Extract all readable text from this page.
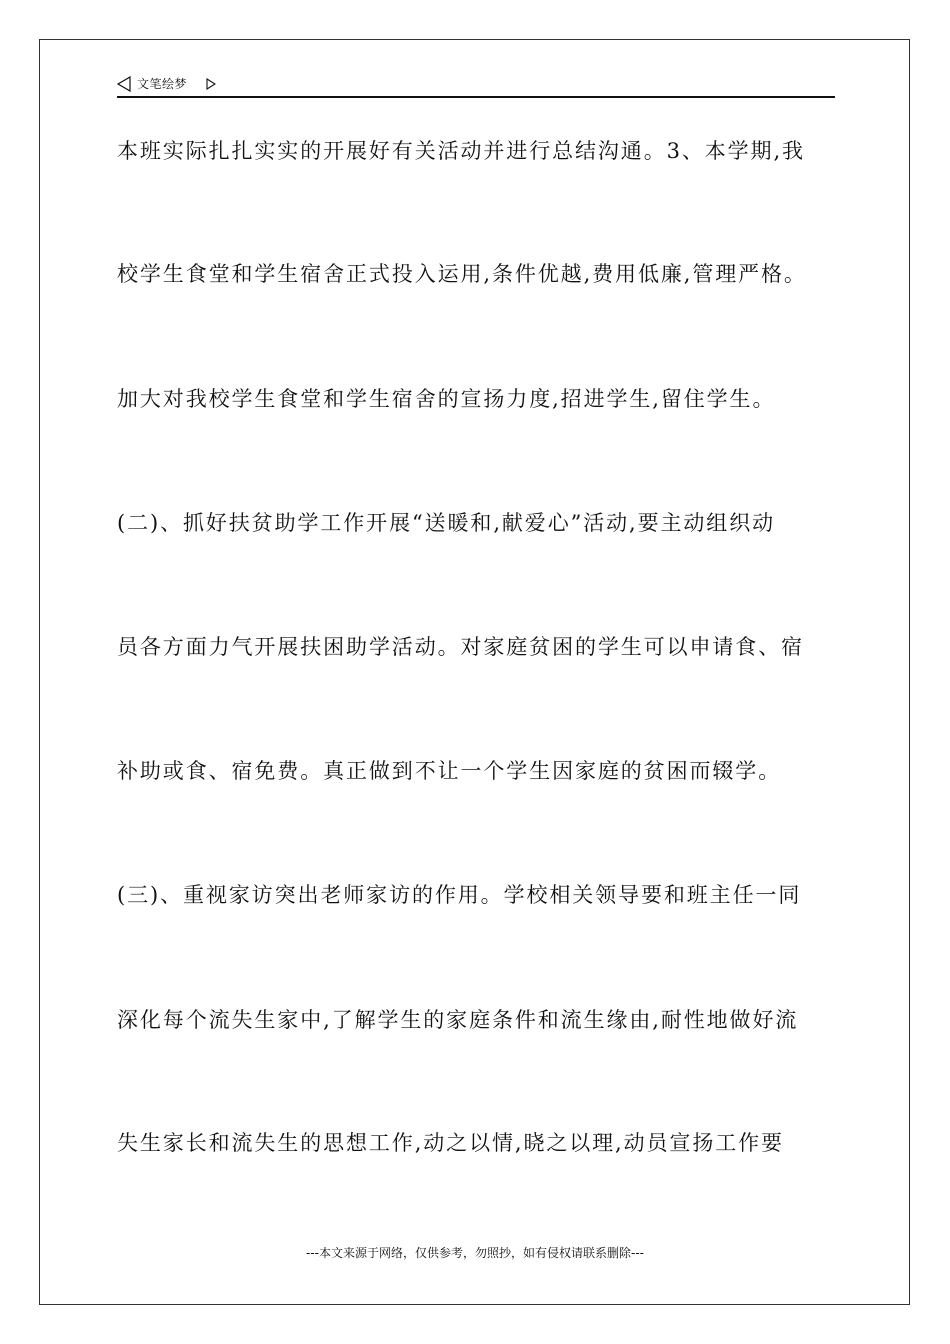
文笔绘梦

本班实际扎扎实实的开展好有关活动并进行总结沟通。3、本学期,我

校学生食堂和学生宿舍正式投入运用,条件优越,费用低廉,管理严格。

加大对我校学生食堂和学生宿舍的宣扬力度,招进学生,留住学生。

(二)、抓好扶贫助学工作开展“送暖和,献爱心”活动,要主动组织动

员各方面力气开展扶困助学活动。对家庭贫困的学生可以申请食、宿

补助或食、宿免费。真正做到不让一个学生因家庭的贫困而辍学。

(三)、重视家访突出老师家访的作用。学校相关领导要和班主任一同

深化每个流失生家中,了解学生的家庭条件和流生缘由,耐性地做好流

失生家长和流失生的思想工作,动之以情,晓之以理,动员宣扬工作要

---本文来源于网络，仅供参考，勿照抄，如有侵权请联系删除---
